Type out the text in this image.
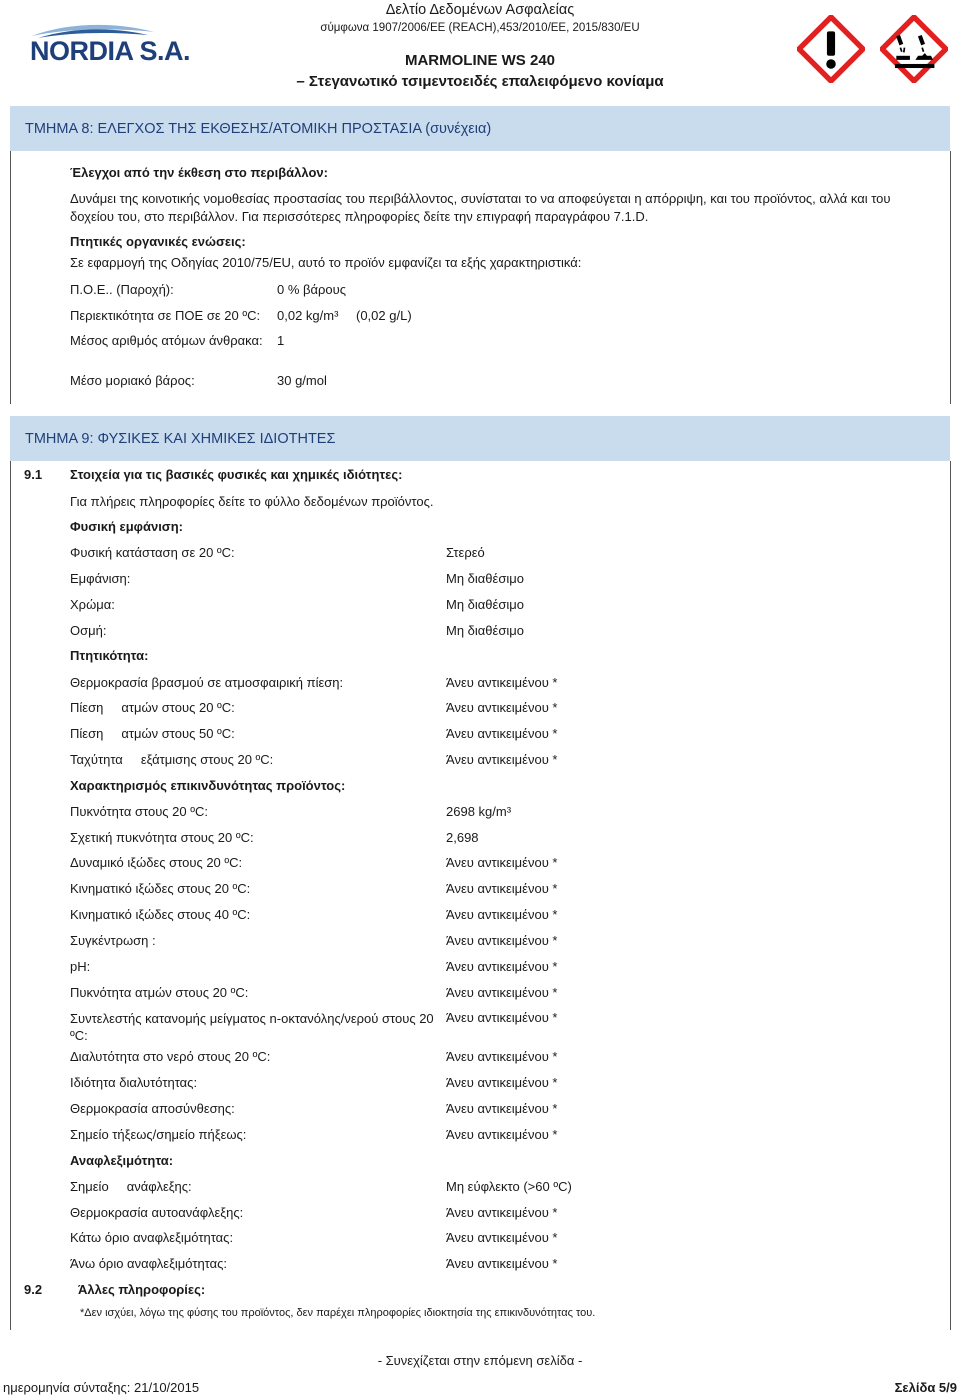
NORDIA S.A.
Δελτίο Δεδομένων Ασφαλείας
σύμφωνα 1907/2006/ΕΕ (REACH),453/2010/ΕΕ, 2015/830/EU
MARMOLINE WS 240
– Στεγανωτικό τσιμεντοειδές επαλειφόμενο κονίαμα
ΤΜΗΜΑ 8: ΕΛΕΓΧΟΣ ΤΗΣ ΕΚΘΕΣΗΣ/ΑΤΟΜΙΚΗ ΠΡΟΣΤΑΣΙΑ (συνέχεια)
Έλεγχοι από την έκθεση στο περιβάλλον:
Δυνάμει της κοινοτικής νομοθεσίας προστασίας του περιβάλλοντος, συνίσταται το να αποφεύγεται η απόρριψη, και του προϊόντος, αλλά και του δοχείου του, στο περιβάλλον. Για περισσότερες πληροφορίες δείτε την επιγραφή παραγράφου 7.1.D.
Πτητικές οργανικές ενώσεις:
Σε εφαρμογή της Οδηγίας 2010/75/EU, αυτό το προϊόν εμφανίζει τα εξής χαρακτηριστικά:
Π.Ο.Ε.. (Παροχή):	0 % βάρους
Περιεκτικότητα σε ΠΟΕ σε 20 ºC: 0,02 kg/m³ (0,02 g/L)
Μέσος αριθμός ατόμων άνθρακα: 1
Μέσο μοριακό βάρος:	30 g/mol
ΤΜΗΜΑ 9: ΦΥΣΙΚΕΣ ΚΑΙ ΧΗΜΙΚΕΣ ΙΔΙΟΤΗΤΕΣ
9.1 Στοιχεία για τις βασικές φυσικές και χημικές ιδιότητες:
Για πλήρεις πληροφορίες δείτε το φύλλο δεδομένων προϊόντος.
Φυσική εμφάνιση:
Φυσική κατάσταση σε 20 ºC:	Στερεό
Εμφάνιση:	Μη διαθέσιμο
Χρώμα:	Μη διαθέσιμο
Οσμή:	Μη διαθέσιμο
Πτητικότητα:
Θερμοκρασία βρασμού σε ατμοσφαιρική πίεση:	Άνευ αντικειμένου *
Πίεση     ατμών στους 20 ºC:	Άνευ αντικειμένου *
Πίεση     ατμών στους 50 ºC:	Άνευ αντικειμένου *
Ταχύτητα     εξάτμισης στους 20 ºC:	Άνευ αντικειμένου *
Χαρακτηρισμός επικινδυνότητας προϊόντος:
Πυκνότητα στους 20 ºC:	2698 kg/m³
Σχετική πυκνότητα στους 20 ºC:	2,698
Δυναμικό ιξώδες στους 20 ºC:	Άνευ αντικειμένου *
Κινηματικό ιξώδες στους 20 ºC:	Άνευ αντικειμένου *
Κινηματικό ιξώδες στους 40 ºC:	Άνευ αντικειμένου *
Συγκέντρωση :	Άνευ αντικειμένου *
pH:	Άνευ αντικειμένου *
Πυκνότητα ατμών στους 20 ºC:	Άνευ αντικειμένου *
Συντελεστής κατανομής μείγματος n-οκτανόλης/νερού στους 20 ºC:
Άνευ αντικειμένου *
Διαλυτότητα στο νερό στους 20 ºC:	Άνευ αντικειμένου *
Ιδιότητα διαλυτότητας:	Άνευ αντικειμένου *
Θερμοκρασία αποσύνθεσης:	Άνευ αντικειμένου *
Σημείο τήξεως/σημείο πήξεως:	Άνευ αντικειμένου *
Αναφλεξιμότητα:
Σημείο     ανάφλεξης:	Μη εύφλεκτο (>60 ºC)
Θερμοκρασία αυτοανάφλεξης:	Άνευ αντικειμένου *
Κάτω όριο αναφλεξιμότητας:	Άνευ αντικειμένου *
Άνω όριο αναφλεξιμότητας:	Άνευ αντικειμένου *
9.2	Άλλες πληροφορίες:
*Δεν ισχύει, λόγω της φύσης του προϊόντος, δεν παρέχει πληροφορίες ιδιοκτησία της επικινδυνότητας του.
- Συνεχίζεται στην επόμενη σελίδα -
ημερομηνία σύνταξης: 21/10/2015	Σελίδα 5/9
